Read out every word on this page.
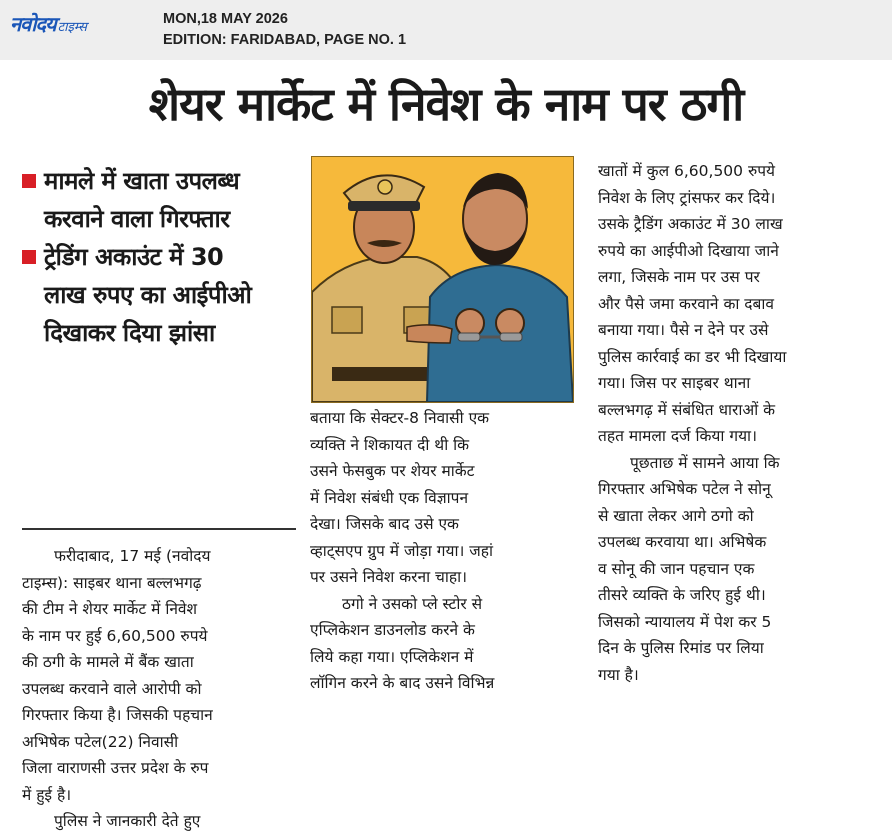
नवोदय टाइम्स
MON,18 MAY 2026
EDITION: FARIDABAD, PAGE NO. 1
शेयर मार्केट में निवेश के नाम पर ठगी
मामले में खाता उपलब्ध
करवाने वाला गिरफ्तार
ट्रेडिंग अकाउंट में 30
लाख रुपए का आईपीओ
दिखाकर दिया झांसा
फरीदाबाद, 17 मई (नवोदय
टाइम्स): साइबर थाना बल्लभगढ़
की टीम ने शेयर मार्केट में निवेश
के नाम पर हुई 6,60,500 रुपये
की ठगी के मामले में बैंक खाता
उपलब्ध करवाने वाले आरोपी को
गिरफ्तार किया है। जिसकी पहचान
अभिषेक पटेल(22) निवासी
जिला वाराणसी उत्तर प्रदेश के रुप
में हुई है।
पुलिस ने जानकारी देते हुए
बताया कि सेक्टर-8 निवासी एक
व्यक्ति ने शिकायत दी थी कि
उसने फेसबुक पर शेयर मार्केट
में निवेश संबंधी एक विज्ञापन
देखा। जिसके बाद उसे एक
व्हाट्सएप ग्रुप में जोड़ा गया। जहां
पर उसने निवेश करना चाहा।
ठगो ने उसको प्ले स्टोर से
एप्लिकेशन डाउनलोड करने के
लिये कहा गया। एप्लिकेशन में
लॉगिन करने के बाद उसने विभिन्न
खातों में कुल 6,60,500 रुपये
निवेश के लिए ट्रांसफर कर दिये।
उसके ट्रैडिंग अकाउंट में 30 लाख
रुपये का आईपीओ दिखाया जाने
लगा, जिसके नाम पर उस पर
और पैसे जमा करवाने का दबाव
बनाया गया। पैसे न देने पर उसे
पुलिस कार्रवाई का डर भी दिखाया
गया। जिस पर साइबर थाना
बल्लभगढ़ में संबंधित धाराओं के
तहत मामला दर्ज किया गया।
पूछताछ में सामने आया कि
गिरफ्तार अभिषेक पटेल ने सोनू
से खाता लेकर आगे ठगो को
उपलब्ध करवाया था। अभिषेक
व सोनू की जान पहचान एक
तीसरे व्यक्ति के जरिए हुई थी।
जिसको न्यायालय में पेश कर 5
दिन के पुलिस रिमांड पर लिया
गया है।
